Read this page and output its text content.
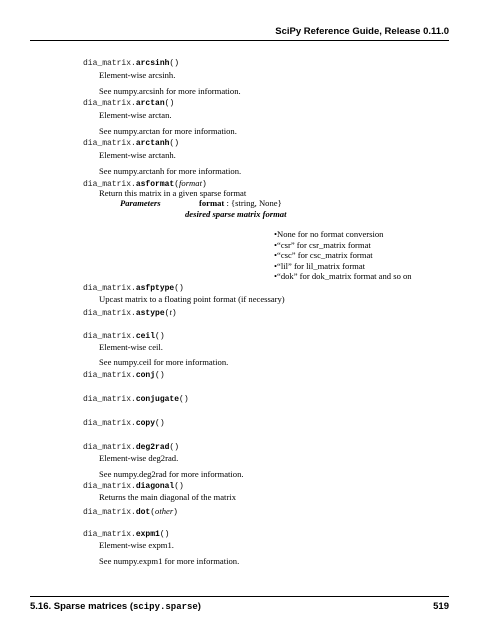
SciPy Reference Guide, Release 0.11.0
dia_matrix.arcsinh()
Element-wise arcsinh.
See numpy.arcsinh for more information.
dia_matrix.arctan()
Element-wise arctan.
See numpy.arctan for more information.
dia_matrix.arctanh()
Element-wise arctanh.
See numpy.arctanh for more information.
dia_matrix.asformat(format)
Return this matrix in a given sparse format
Parameters	format : {string, None}
desired sparse matrix format
•None for no format conversion
•“csr” for csr_matrix format
•“csc” for csc_matrix format
•“lil” for lil_matrix format
•“dok” for dok_matrix format and so on
dia_matrix.asfptype()
Upcast matrix to a floating point format (if necessary)
dia_matrix.astype(t)
dia_matrix.ceil()
Element-wise ceil.
See numpy.ceil for more information.
dia_matrix.conj()
dia_matrix.conjugate()
dia_matrix.copy()
dia_matrix.deg2rad()
Element-wise deg2rad.
See numpy.deg2rad for more information.
dia_matrix.diagonal()
Returns the main diagonal of the matrix
dia_matrix.dot(other)
dia_matrix.expm1()
Element-wise expm1.
See numpy.expm1 for more information.
5.16. Sparse matrices (scipy.sparse)	519
